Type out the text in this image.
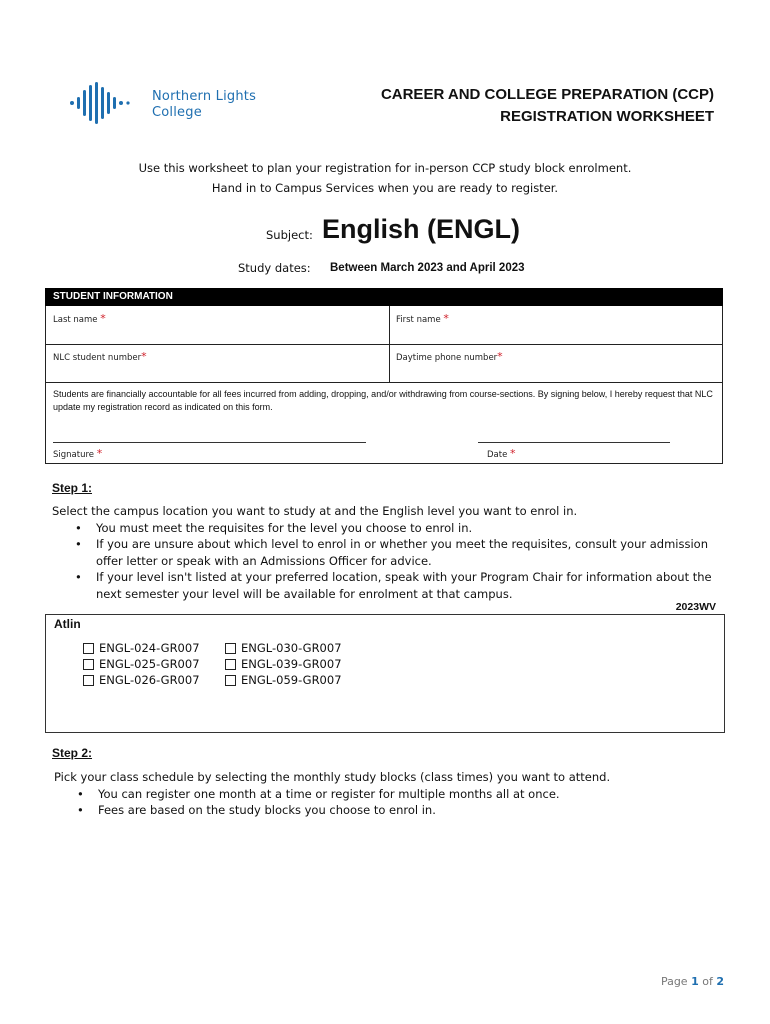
Northern Lights
College
CAREER AND COLLEGE PREPARATION (CCP)
REGISTRATION WORKSHEET
Use this worksheet to plan your registration for in-person CCP study block enrolment.
Hand in to Campus Services when you are ready to register.
Subject: English (ENGL)
Study dates: Between March 2023 and April 2023
STUDENT INFORMATION
Last name *	First name *
NLC student number*	Daytime phone number*
Students are financially accountable for all fees incurred from adding, dropping, and/or withdrawing from course-sections. By signing below, I hereby request that NLC update my registration record as indicated on this form.
Signature *	Date *
Step 1:
Select the campus location you want to study at and the English level you want to enrol in.
• You must meet the requisites for the level you choose to enrol in.
• If you are unsure about which level to enrol in or whether you meet the requisites, consult your admission offer letter or speak with an Admissions Officer for advice.
• If your level isn't listed at your preferred location, speak with your Program Chair for information about the next semester your level will be available for enrolment at that campus.
2023WV
Atlin
ENGL-024-GR007
ENGL-025-GR007
ENGL-026-GR007
ENGL-030-GR007
ENGL-039-GR007
ENGL-059-GR007
Step 2:
Pick your class schedule by selecting the monthly study blocks (class times) you want to attend.
• You can register one month at a time or register for multiple months all at once.
• Fees are based on the study blocks you choose to enrol in.
Page 1 of 2
